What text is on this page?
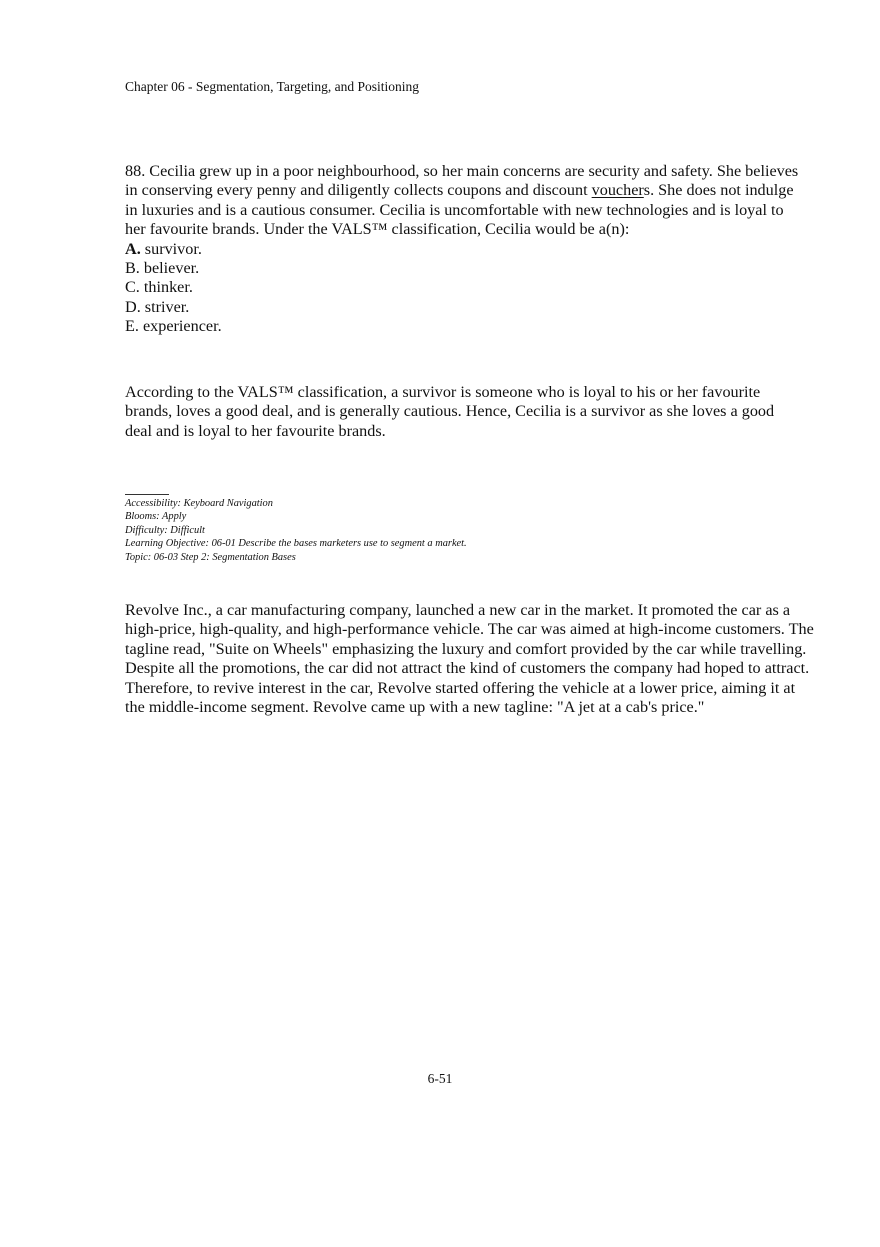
Chapter 06 - Segmentation, Targeting, and Positioning

88. Cecilia grew up in a poor neighbourhood, so her main concerns are security and safety. She believes in conserving every penny and diligently collects coupons and discount vouchers. She does not indulge in luxuries and is a cautious consumer. Cecilia is uncomfortable with new technologies and is loyal to her favourite brands. Under the VALS™ classification, Cecilia would be a(n):

A. survivor.
B. believer.
C. thinker.
D. striver.
E. experiencer.

According to the VALS™ classification, a survivor is someone who is loyal to his or her favourite brands, loves a good deal, and is generally cautious. Hence, Cecilia is a survivor as she loves a good deal and is loyal to her favourite brands.

Accessibility: Keyboard Navigation
Blooms: Apply
Difficulty: Difficult
Learning Objective: 06-01 Describe the bases marketers use to segment a market.
Topic: 06-03 Step 2: Segmentation Bases

Revolve Inc., a car manufacturing company, launched a new car in the market. It promoted the car as a high-price, high-quality, and high-performance vehicle. The car was aimed at high-income customers. The tagline read, "Suite on Wheels" emphasizing the luxury and comfort provided by the car while travelling. Despite all the promotions, the car did not attract the kind of customers the company had hoped to attract. Therefore, to revive interest in the car, Revolve started offering the vehicle at a lower price, aiming it at the middle-income segment. Revolve came up with a new tagline: "A jet at a cab's price."

6-51
